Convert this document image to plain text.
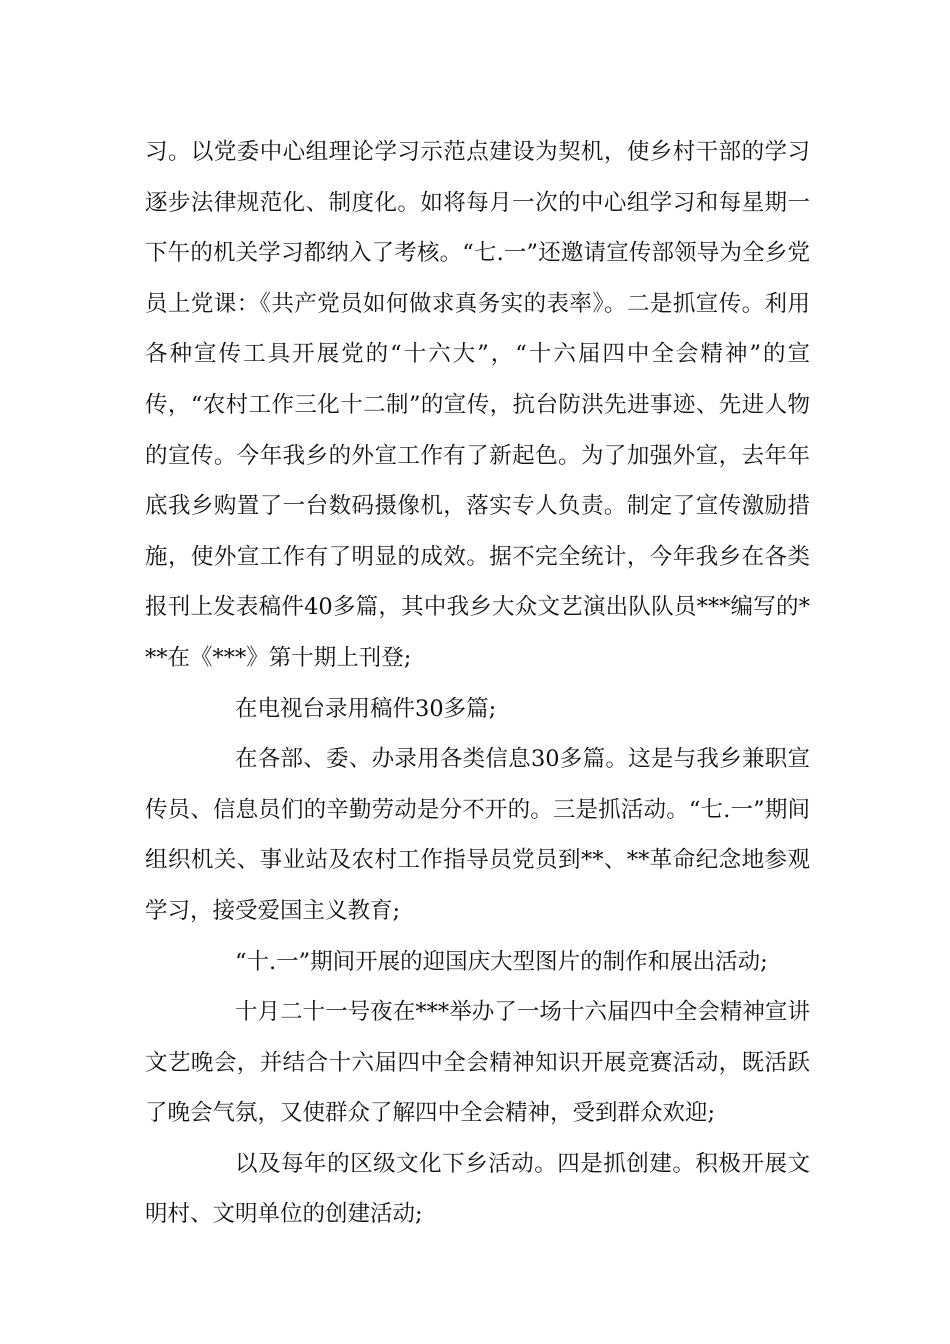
习。以党委中心组理论学习示范点建设为契机，使乡村干部的学习逐步法律规范化、制度化。如将每月一次的中心组学习和每星期一下午的机关学习都纳入了考核。“七.一”还邀请宣传部领导为全乡党员上党课：《共产党员如何做求真务实的表率》。二是抓宣传。利用各种宣传工具开展党的“十六大”，“十六届四中全会精神”的宣传，“农村工作三化十二制”的宣传，抗台防洪先进事迹、先进人物的宣传。今年我乡的外宣工作有了新起色。为了加强外宣，去年年底我乡购置了一台数码摄像机，落实专人负责。制定了宣传激励措施，使外宣工作有了明显的成效。据不完全统计，今年我乡在各类报刊上发表稿件40多篇，其中我乡大众文艺演出队队员***编写的***在《***》第十期上刊登;

在电视台录用稿件30多篇;

在各部、委、办录用各类信息30多篇。这是与我乡兼职宣传员、信息员们的辛勤劳动是分不开的。三是抓活动。“七.一”期间组织机关、事业站及农村工作指导员党员到**、**革命纪念地参观学习，接受爱国主义教育;

“十.一”期间开展的迎国庆大型图片的制作和展出活动;

十月二十一号夜在***举办了一场十六届四中全会精神宣讲文艺晚会，并结合十六届四中全会精神知识开展竞赛活动，既活跃了晚会气氛，又使群众了解四中全会精神，受到群众欢迎;

以及每年的区级文化下乡活动。四是抓创建。积极开展文明村、文明单位的创建活动;
